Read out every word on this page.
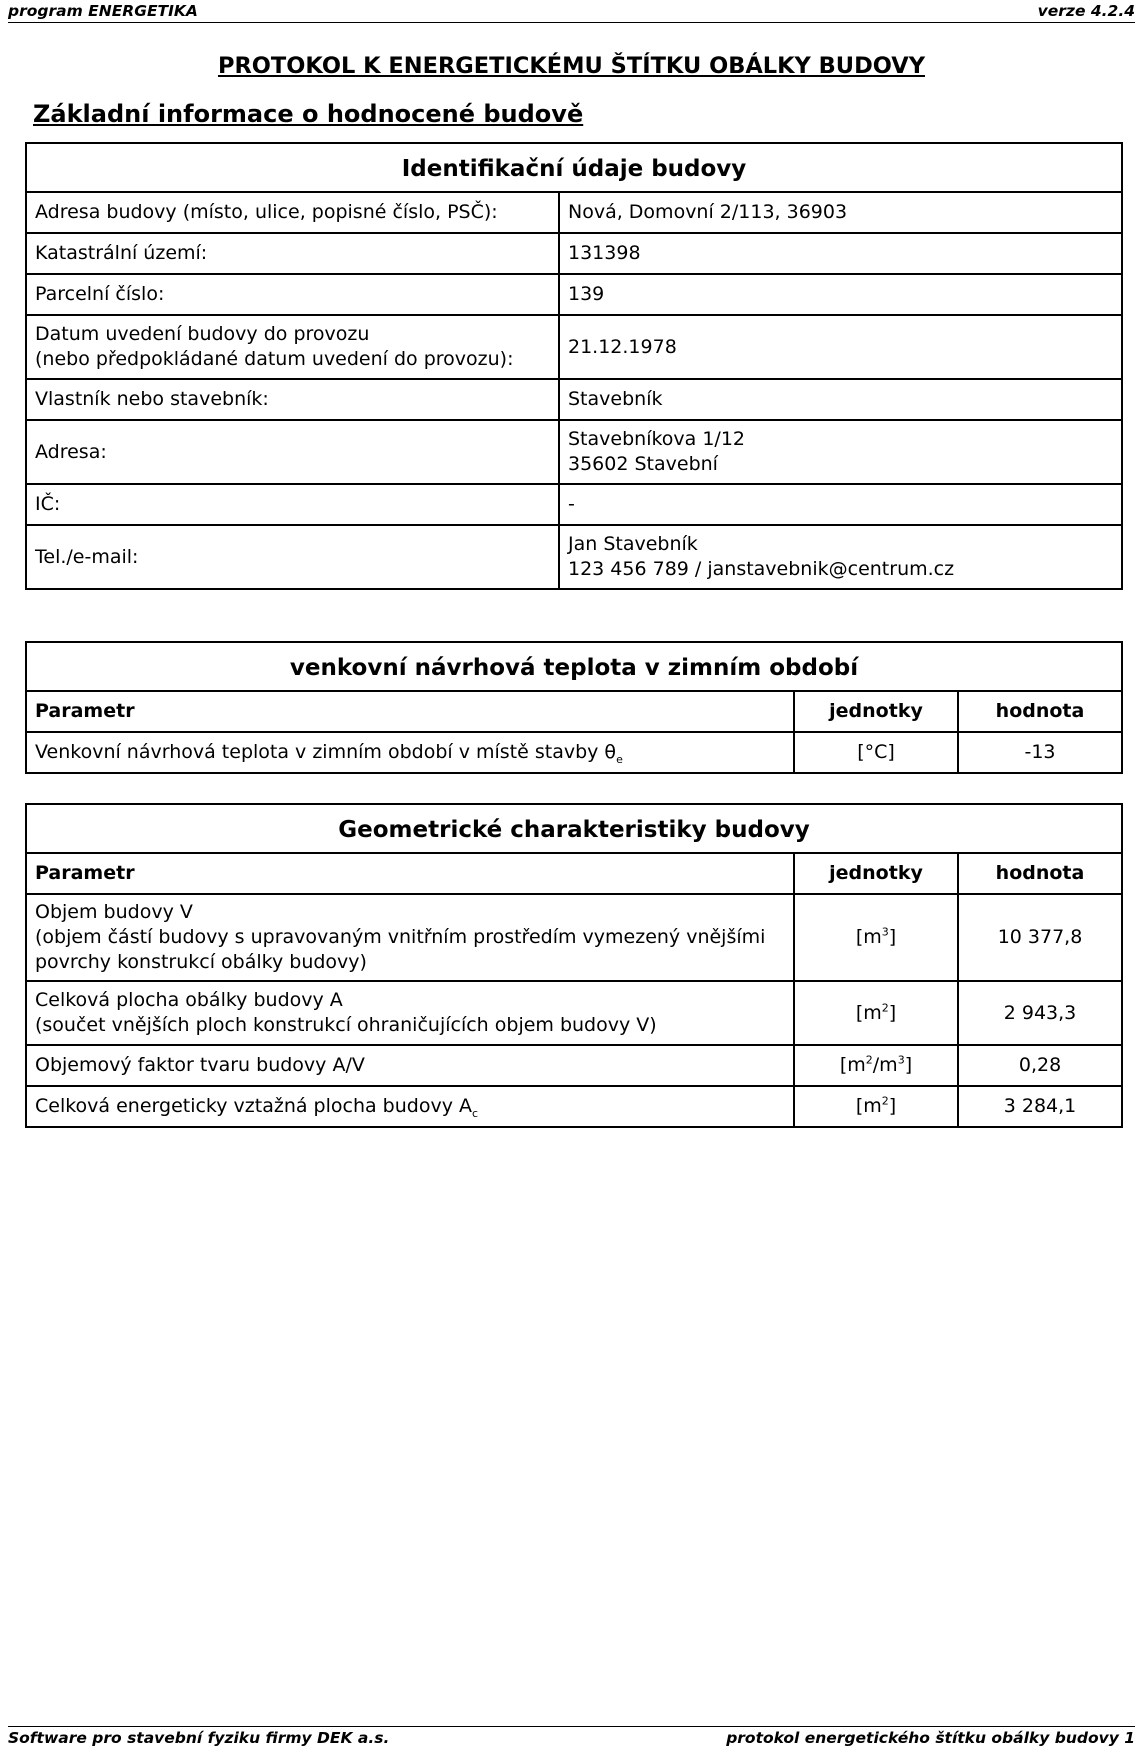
program ENERGETIKA	verze 4.2.4
PROTOKOL K ENERGETICKÉMU ŠTÍTKU OBÁLKY BUDOVY
Základní informace o hodnocené budově
Identifikační údaje budovy	
Adresa budovy (místo, ulice, popisné číslo, PSČ):	Nová, Domovní 2/113, 36903
Katastrální území:	131398
Parcelní číslo:	139

Datum uvedení budovy do provozu
(nebo předpokládané datum uvedení do provozu):	21.12.1978
Vlastník nebo stavebník:	Stavebník
Adresa:	Stavebníkova 1/12
35602 Stavební

IČ:	-
Tel./e-mail:	Jan Stavebník
123 456 789 / janstavebnik@centrum.cz
venkovní návrhová teplota v zimním období		
Parametr	jednotky	hodnota
Venkovní návrhová teplota v zimním období v místě stavby $\theta_e$	[°C]	-13
Geometrické charakteristiky budovy		
Parametr	jednotky	hodnota

Objem budovy V
(objem částí budovy s upravovaným vnitřním prostředím vymezený vnějšími
povrchy konstrukcí obálky budovy)	$[m^3]$	10 377,8

Celková plocha obálky budovy A
(součet vnějších ploch konstrukcí ohraničujících objem budovy V)	$[m^2]$	2 943,3
Objemový faktor tvaru budovy A/V	$[m^2/m^3]$	0,28
Celková energeticky vztažná plocha budovy $A_c$	$[m^2]$	3 284,1
Software pro stavební fyziku firmy DEK a.s.	protokol energetického štítku obálky budovy 1
